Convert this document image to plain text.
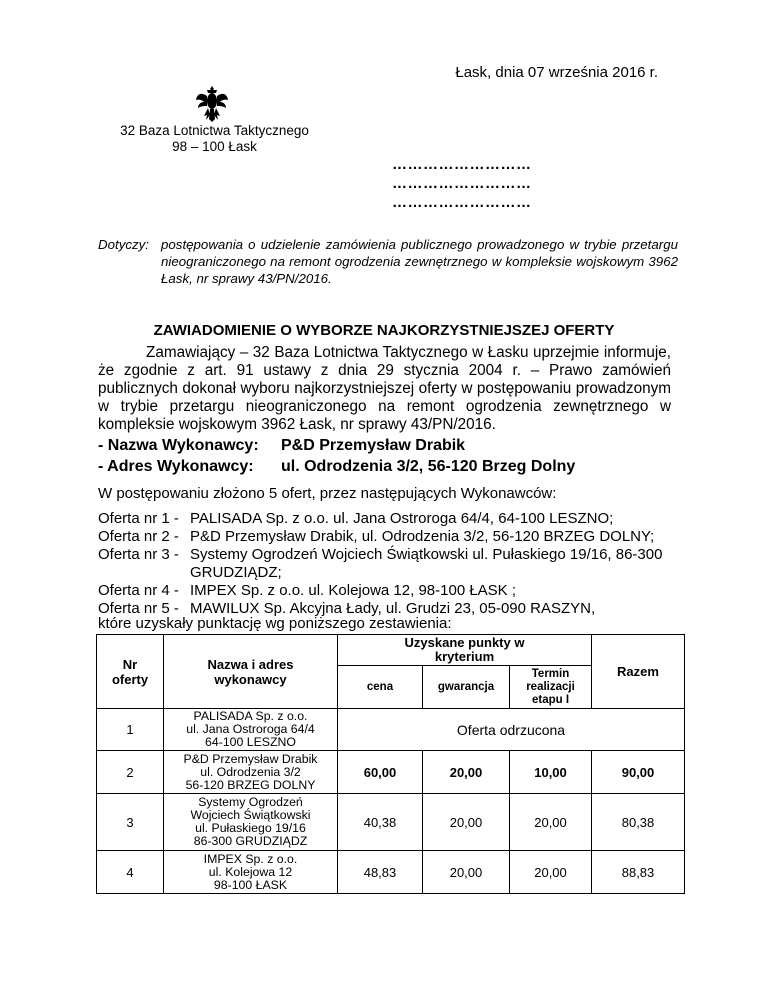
Łask, dnia 07 września 2016 r.
32 Baza Lotnictwa Taktycznego
98 – 100 Łask
………………………
………………………
………………………
Dotyczy: postępowania o udzielenie zamówienia publicznego prowadzonego w trybie przetargu nieograniczonego na remont ogrodzenia zewnętrznego w kompleksie wojskowym 3962 Łask, nr sprawy 43/PN/2016.
ZAWIADOMIENIE O WYBORZE NAJKORZYSTNIEJSZEJ OFERTY

Zamawiający – 32 Baza Lotnictwa Taktycznego w Łasku uprzejmie informuje, że zgodnie z art. 91 ustawy z dnia 29 stycznia 2004 r. – Prawo zamówień publicznych dokonał wyboru najkorzystniejszej oferty w postępowaniu prowadzonym w trybie przetargu nieograniczonego na remont ogrodzenia zewnętrznego w kompleksie wojskowym 3962 Łask, nr sprawy 43/PN/2016.

- Nazwa Wykonawcy: P&D Przemysław Drabik
- Adres Wykonawcy: ul. Odrodzenia 3/2, 56-120 Brzeg Dolny
W postępowaniu złożono 5 ofert, przez następujących Wykonawców:
Oferta nr 1 - PALISADA Sp. z o.o. ul. Jana Ostroroga 64/4, 64-100 LESZNO;
Oferta nr 2 - P&D Przemysław Drabik, ul. Odrodzenia 3/2, 56-120 BRZEG DOLNY;
Oferta nr 3 - Systemy Ogrodzeń Wojciech Świątkowski ul. Pułaskiego 19/16, 86-300
GRUDZIĄDZ;
Oferta nr 4 - IMPEX Sp. z o.o. ul. Kolejowa 12, 98-100 ŁASK ;
Oferta nr 5 - MAWILUX Sp. Akcyjna Łady, ul. Grudzi 23, 05-090 RASZYN,
które uzyskały punktację wg poniższego zestawienia:
Nr oferty	Nazwa i adres wykonawcy	Uzyskane punkty w kryterium			Razem
		cena	gwarancja	Termin realizacji etapu I	
1	PALISADA Sp. z o.o.
ul. Jana Ostroroga 64/4
64-100 LESZNO	Oferta odrzucona			
2	P&D Przemysław Drabik
ul. Odrodzenia 3/2
56-120 BRZEG DOLNY	60,00	20,00	10,00	90,00
3	Systemy Ogrodzeń
Wojciech Świątkowski
ul. Pułaskiego 19/16
86-300 GRUDZIĄDZ	40,38	20,00	20,00	80,38
4	IMPEX Sp. z o.o.
ul. Kolejowa 12
98-100 ŁASK	48,83	20,00	20,00	88,83
